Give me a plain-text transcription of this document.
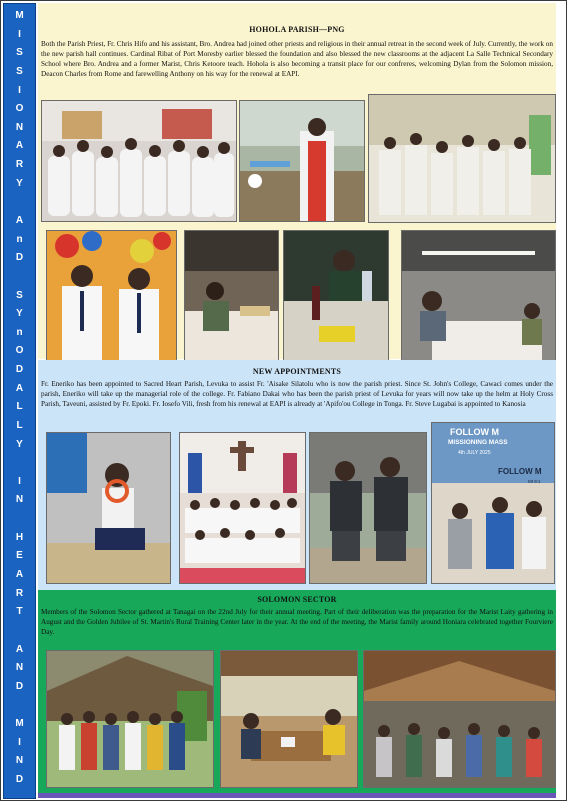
M
I
S
S
I
O
N
A
R
Y
A
n
D
S
Y
n
O
D
A
L
L
Y
I
N
H
E
A
R
T
A
N
D
M
I
N
D
HOHOLA PARISH—PNG
Both the Parish Priest, Fr. Chris Hifo and his assistant, Bro. Andrea had joined other priests and religious in their annual retreat in the second week of July. Currently, the work on the new parish hall continues. Cardinal Ribat of Port Moresby earlier blessed the foundation and also blessed the new classrooms at the adjacent La Salle Technical Secondary School where Bro. Andrea and a former Marist, Chris Ketoore teach. Hohola is also becoming a transit place for our confreres, welcoming Dylan from the Solomon mission, Deacon Charles from Rome and farewelling Anthony on his way for the renewal at EAPI.
NEW APPOINTMENTS
Fr. Eneriko has been appointed to Sacred Heart Parish, Levuka to assist Fr. 'Aisake Silatolu who is now the parish priest. Since St. John's College, Cawaci comes under the parish, Eneriko will take up the managerial role of the college. Fr. Fabiano Dakai who has been the parish priest of Levuka for years will now take up the helm at Holy Cross Parish, Taveuni, assisted by Fr. Epoki. Fr. Iosefo Vili, fresh from his renewal at EAPI is already at 'Apifo'ou College in Tonga. Fr. Steve Lugabai is appointed to Kanosia
FOLLOW M
MISSIONING MASS
4th JULY 2025
FOLLOW M
Mt 9:1
SOLOMON SECTOR
Members of the Solomon Sector gathered at Tanagai on the 22nd July for their annual meeting. Part of their deliberation was the preparation for the Marist Laity gathering in August and the Golden Jubilee of St. Martin's Rural Training Center later in the year. At the end of the meeting, the Marist family around Honiara celebrated together Fourviere Day.
